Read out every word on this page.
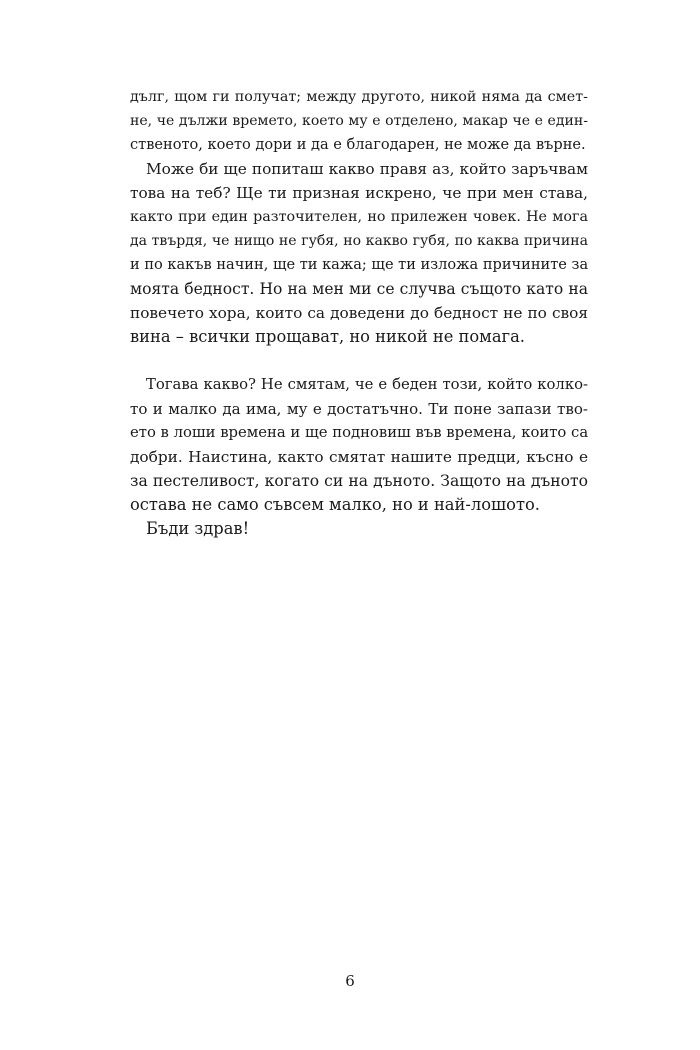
дълг, щом ги получат; между другото, никой няма да смет-
не, че дължи времето, което му е отделено, макар че е един-
ственото, което дори и да е благодарен, не може да върне.
Може би ще попиташ какво правя аз, който заръчвам
това на теб? Ще ти призная искрено, че при мен става,
както при един разточителен, но прилежен човек. Не мога
да твърдя, че нищо не губя, но какво губя, по каква причина
и по какъв начин, ще ти кажа; ще ти изложа причините за
моята бедност. Но на мен ми се случва същото като на
повечето хора, които са доведени до бедност не по своя
вина – всички прощават, но никой не помага.
Тогава какво? Не смятам, че е беден този, който колко-
то и малко да има, му е достатъчно. Ти поне запази тво-
ето в лоши времена и ще подновиш във времена, които са
добри. Наистина, както смятат нашите предци, късно е
за пестеливост, когато си на дъното. Защото на дъното
остава не само съвсем малко, но и най-лошото.
Бъди здрав!
6
